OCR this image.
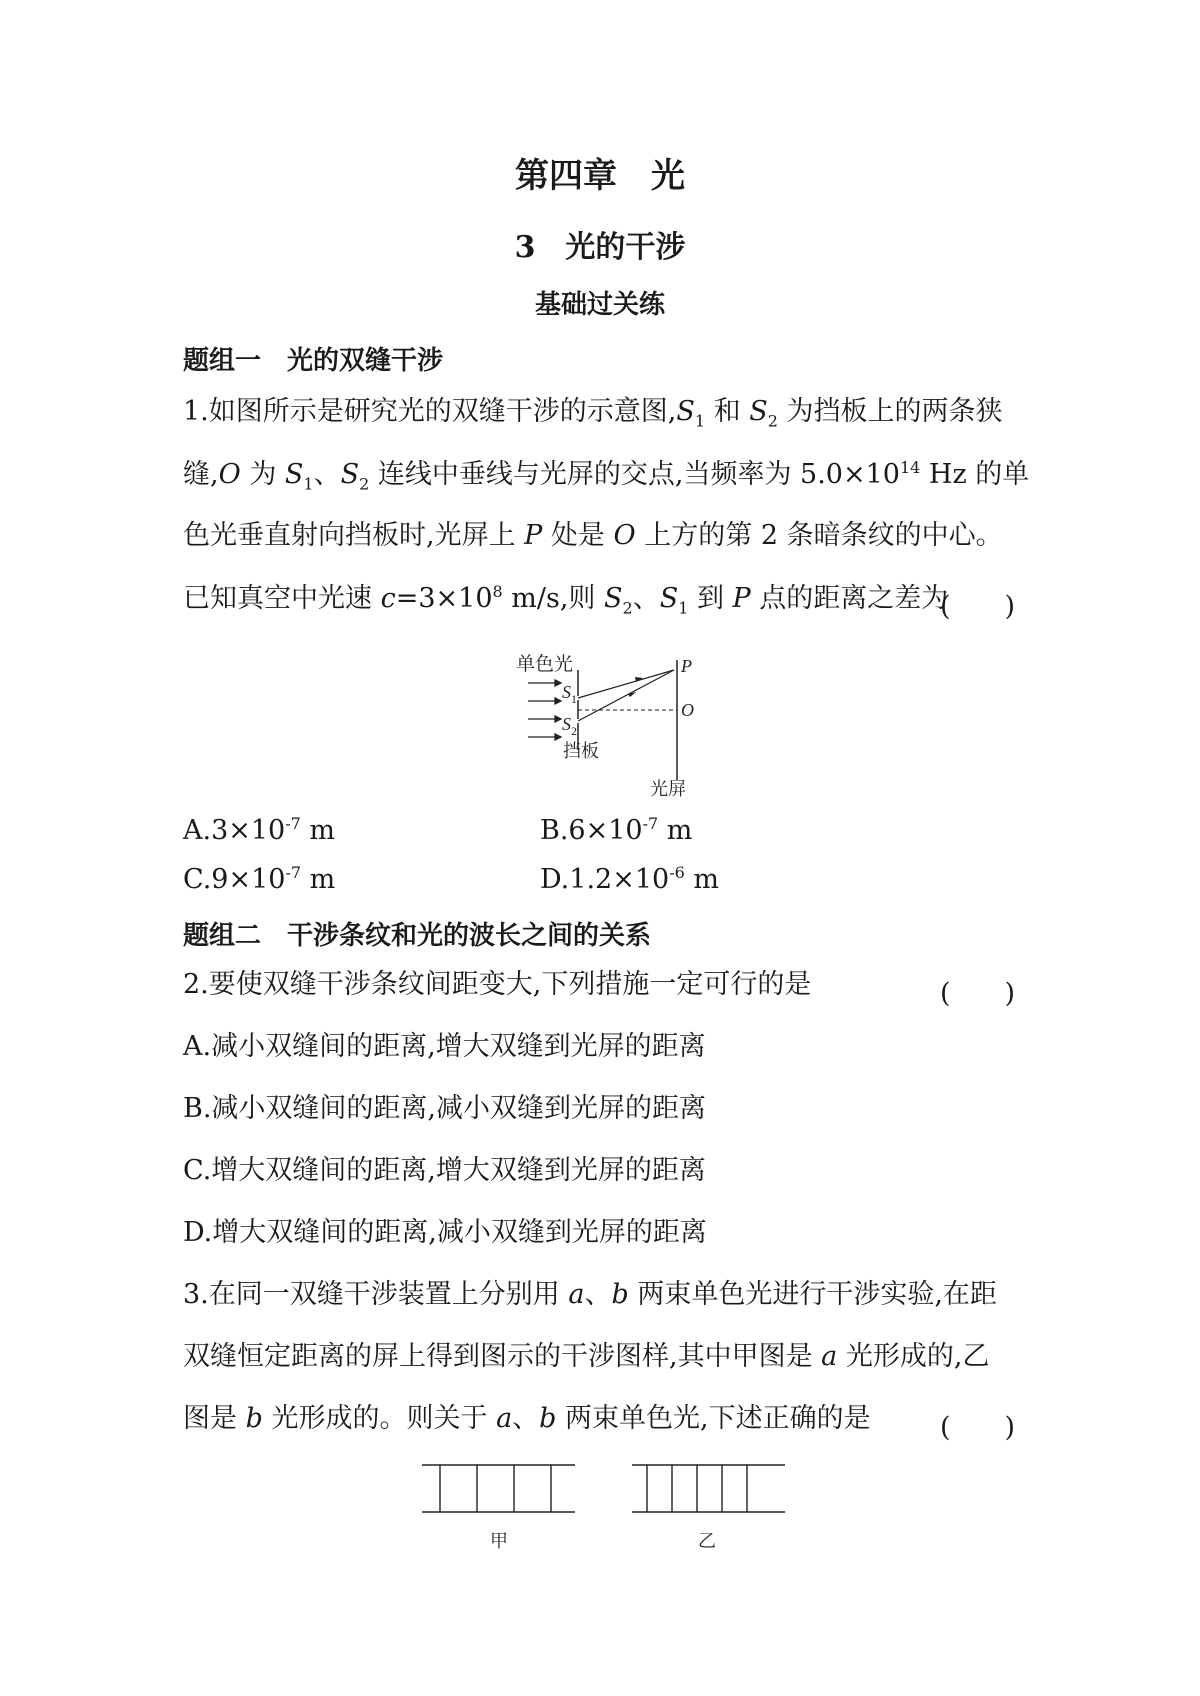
第四章　光
3　光的干涉
基础过关练
题组一　光的双缝干涉
1.如图所示是研究光的双缝干涉的示意图$,S_1$ 和 $S_2$ 为挡板上的两条狭
缝,O 为 $S_1$、$S_2$ 连线中垂线与光屏的交点,当频率为 $5.0\times 10^{14}$ Hz 的单
色光垂直射向挡板时,光屏上 P 处是 O 上方的第 2 条暗条纹的中心。
已知真空中光速 $c=3\times 10^8$ m/s,则 $S_2$、$S_1$ 到 P 点的距离之差为
(　　)
单色光
$S_1$
$S_2$
P
O
挡板
光屏
$A.3\times 10^{-7}$ m	$B.6\times 10^{-7}$ m
$C.9\times 10^{-7}$ m	$D.1.2\times 10^{-6}$ m
题组二　干涉条纹和光的波长之间的关系
2.要使双缝干涉条纹间距变大,下列措施一定可行的是	(　　)
A.减小双缝间的距离,增大双缝到光屏的距离
B.减小双缝间的距离,减小双缝到光屏的距离
C.增大双缝间的距离,增大双缝到光屏的距离
D.增大双缝间的距离,减小双缝到光屏的距离
3.在同一双缝干涉装置上分别用 a、b 两束单色光进行干涉实验,在距
双缝恒定距离的屏上得到图示的干涉图样,其中甲图是 a 光形成的,乙
图是 b 光形成的。则关于 a、b 两束单色光,下述正确的是	(　　)
甲	乙
